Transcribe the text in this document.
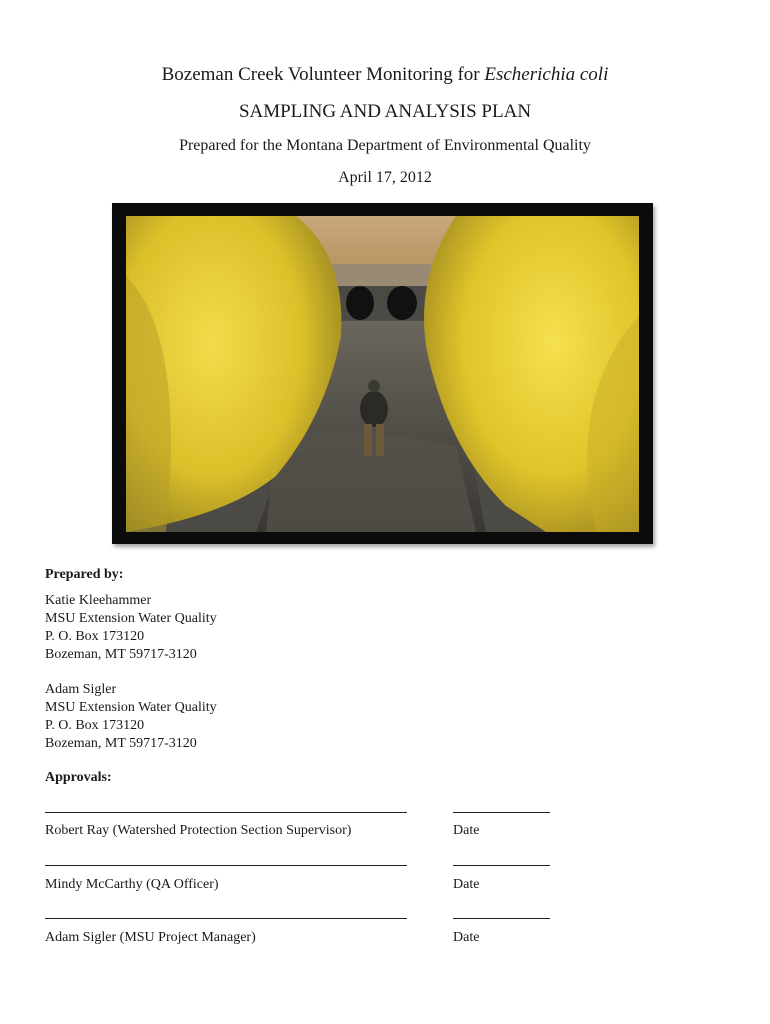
Bozeman Creek Volunteer Monitoring for Escherichia coli
SAMPLING AND ANALYSIS PLAN
Prepared for the Montana Department of Environmental Quality
April 17, 2012
Prepared by:
Katie Kleehammer
MSU Extension Water Quality
P. O. Box 173120
Bozeman, MT 59717-3120
Adam Sigler
MSU Extension Water Quality
P. O. Box 173120
Bozeman, MT 59717-3120
Approvals:
Robert Ray (Watershed Protection Section Supervisor)	Date
Mindy McCarthy (QA Officer)	Date
Adam Sigler (MSU Project Manager)	Date
